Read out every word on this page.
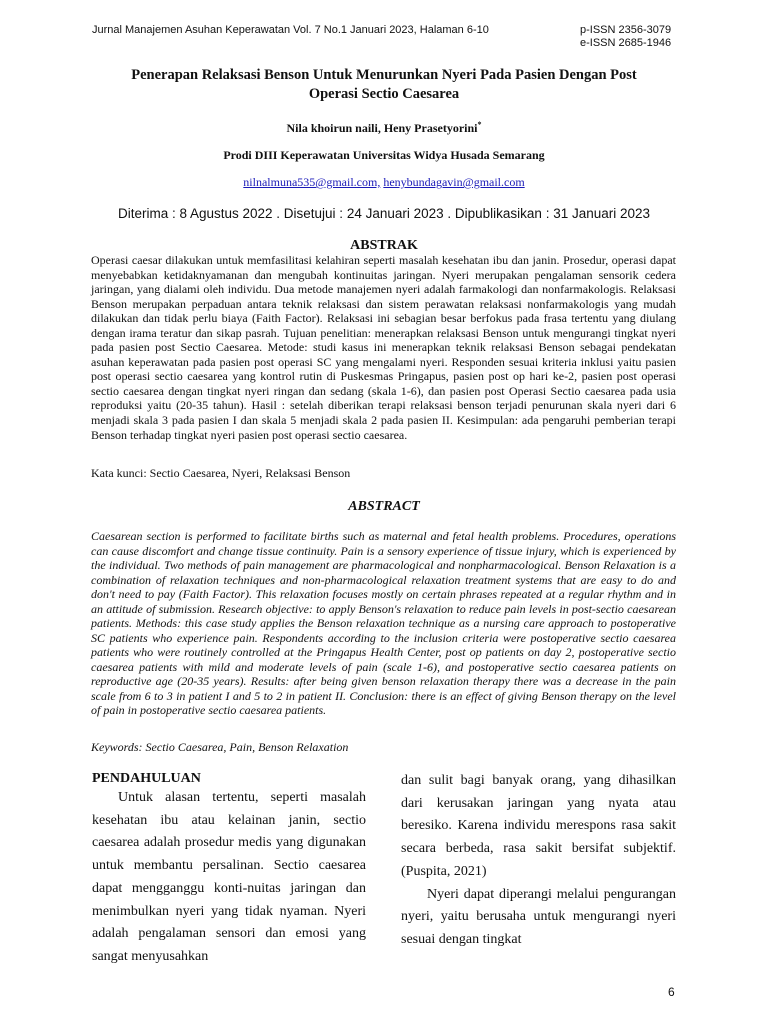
Jurnal Manajemen Asuhan Keperawatan Vol. 7 No.1 Januari 2023, Halaman 6-10	p-ISSN 2356-3079
e-ISSN 2685-1946
Penerapan Relaksasi Benson Untuk Menurunkan Nyeri Pada Pasien Dengan Post
Operasi Sectio Caesarea
Nila khoirun naili, Heny Prasetyorini*
Prodi DIII Keperawatan Universitas Widya Husada Semarang
nilnalmuna535@gmail.com, henybundagavin@gmail.com
Diterima : 8 Agustus 2022 . Disetujui : 24 Januari 2023 . Dipublikasikan : 31 Januari 2023
ABSTRAK

Operasi caesar dilakukan untuk memfasilitasi kelahiran seperti masalah kesehatan ibu dan janin. Prosedur, operasi dapat menyebabkan ketidaknyamanan dan mengubah kontinuitas jaringan. Nyeri merupakan pengalaman sensorik cedera jaringan, yang dialami oleh individu. Dua metode manajemen nyeri adalah farmakologi dan nonfarmakologis. Relaksasi Benson merupakan perpaduan antara teknik relaksasi dan sistem perawatan relaksasi nonfarmakologis yang mudah dilakukan dan tidak perlu biaya (Faith Factor). Relaksasi ini sebagian besar berfokus pada frasa tertentu yang diulang dengan irama teratur dan sikap pasrah. Tujuan penelitian: menerapkan relaksasi Benson untuk mengurangi tingkat nyeri pada pasien post Sectio Caesarea. Metode: studi kasus ini menerapkan teknik relaksasi Benson sebagai pendekatan asuhan keperawatan pada pasien post operasi SC yang mengalami nyeri. Responden sesuai kriteria inklusi yaitu pasien post operasi sectio caesarea yang kontrol rutin di Puskesmas Pringapus, pasien post op hari ke-2, pasien post operasi sectio caesarea dengan tingkat nyeri ringan dan sedang (skala 1-6), dan pasien post Operasi Sectio caesarea pada usia reproduksi yaitu (20-35 tahun). Hasil : setelah diberikan terapi relaksasi benson terjadi penurunan skala nyeri dari 6 menjadi skala 3 pada pasien I dan skala 5 menjadi skala 2 pada pasien II. Kesimpulan: ada pengaruhi pemberian terapi Benson terhadap tingkat nyeri pasien post operasi sectio caesarea.

Kata kunci: Sectio Caesarea, Nyeri, Relaksasi Benson
ABSTRACT

Caesarean section is performed to facilitate births such as maternal and fetal health problems. Procedures, operations can cause discomfort and change tissue continuity. Pain is a sensory experience of tissue injury, which is experienced by the individual. Two methods of pain management are pharmacological and nonpharmacological. Benson Relaxation is a combination of relaxation techniques and non-pharmacological relaxation treatment systems that are easy to do and don't need to pay (Faith Factor). This relaxation focuses mostly on certain phrases repeated at a regular rhythm and in an attitude of submission. Research objective: to apply Benson's relaxation to reduce pain levels in post-sectio caesarean patients. Methods: this case study applies the Benson relaxation technique as a nursing care approach to postoperative SC patients who experience pain. Respondents according to the inclusion criteria were postoperative sectio caesarea patients who were routinely controlled at the Pringapus Health Center, post op patients on day 2, postoperative sectio caesarea patients with mild and moderate levels of pain (scale 1-6), and postoperative sectio caesarea patients on reproductive age (20-35 years). Results: after being given benson relaxation therapy there was a decrease in the pain scale from 6 to 3 in patient I and 5 to 2 in patient II. Conclusion: there is an effect of giving Benson therapy on the level of pain in postoperative sectio caesarea patients.

Keywords: Sectio Caesarea, Pain, Benson Relaxation
PENDAHULUAN

Untuk alasan tertentu, seperti masalah kesehatan ibu atau kelainan janin, sectio caesarea adalah prosedur medis yang digunakan untuk membantu persalinan. Sectio caesarea dapat mengganggu konti-nuitas jaringan dan menimbulkan nyeri yang tidak nyaman. Nyeri adalah pengalaman sensori dan emosi yang sangat menyusahkan

dan sulit bagi banyak orang, yang dihasilkan dari kerusakan jaringan yang nyata atau beresiko. Karena individu merespons rasa sakit secara berbeda, rasa sakit bersifat subjektif. (Puspita, 2021)

Nyeri dapat diperangi melalui pengurangan nyeri, yaitu berusaha untuk mengurangi nyeri sesuai dengan tingkat

6
